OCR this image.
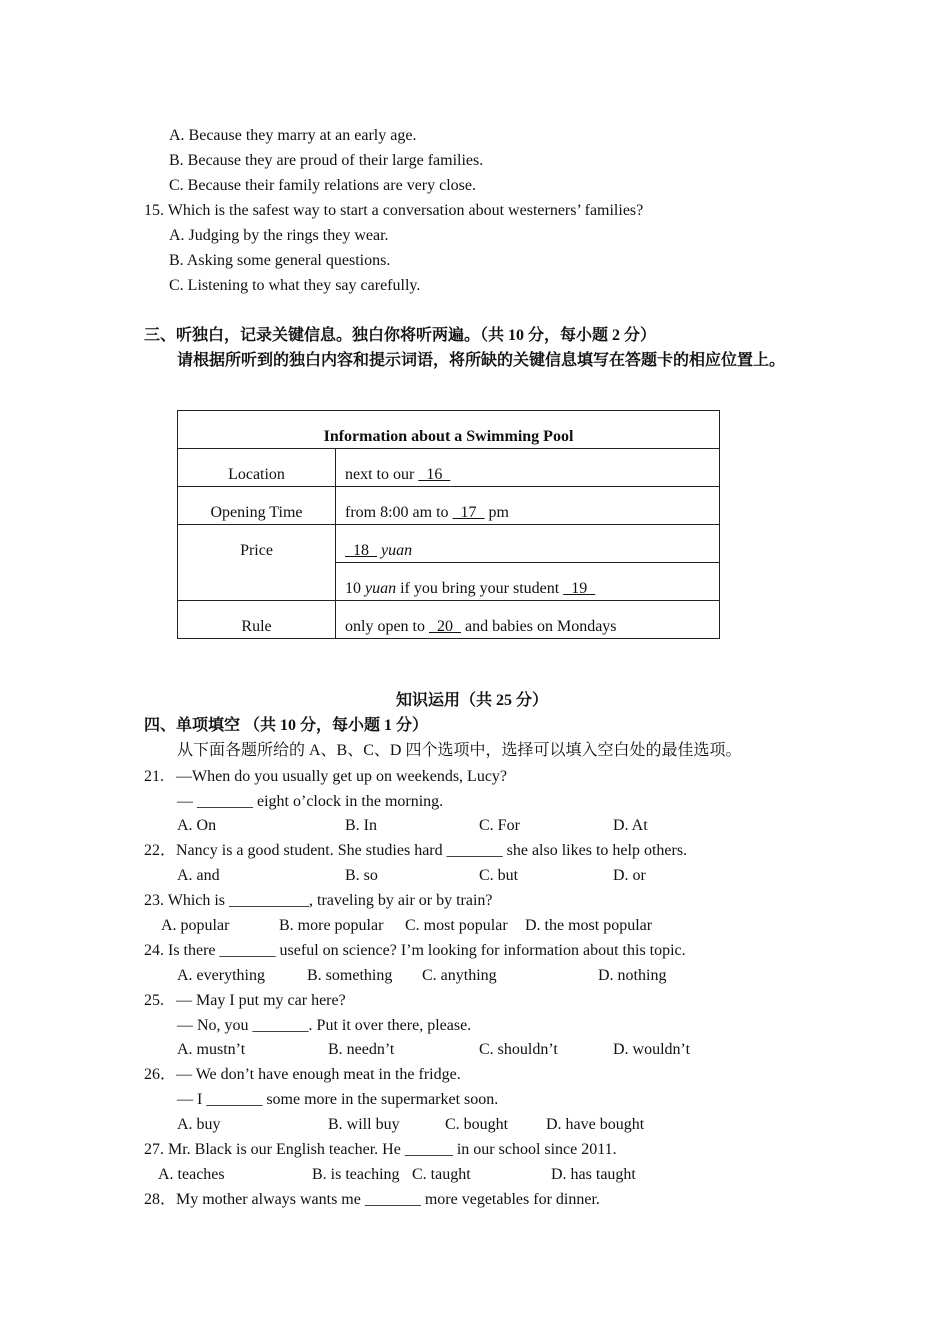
A. Because they marry at an early age.
B. Because they are proud of their large families.
C. Because their family relations are very close.
15. Which is the safest way to start a conversation about westerners’ families?
A. Judging by the rings they wear.
B. Asking some general questions.
C. Listening to what they say carefully.
三、听独白，记录关键信息。独白你将听两遍。（共 10 分，每小题 2 分）
请根据所听到的独白内容和提示词语，将所缺的关键信息填写在答题卡的相应位置上。
Information about a Swimming Pool
Location	next to our   16
Opening Time	from 8:00 am to   17   pm
Price	18   yuan
10 yuan if you bring your student   19
Rule	only open to   20   and babies on Mondays
知识运用（共 25 分）
四、单项填空 （共 10 分，每小题 1 分）
从下面各题所给的 A、B、C、D 四个选项中，选择可以填入空白处的最佳选项。
21.   —When do you usually get up on weekends, Lucy?
— _______ eight o’clock in the morning.
A. On	B. In	C. For	D. At
22．Nancy is a good student. She studies hard _______ she also likes to help others.
A. and	B. so	C. but	D. or
23. Which is __________, traveling by air or by train?
A. popular	B. more popular C. most popular D. the most popular
24. Is there _______ useful on science? I’m looking for information about this topic.
A. everything	B. something C. anything	D. nothing
25.   — May I put my car here?
— No, you _______. Put it over there, please.
A. mustn’t	B. needn’t	C. shouldn’t	D. wouldn’t
26．— We don’t have enough meat in the fridge.
— I _______ some more in the supermarket soon.
A. buy	B. will buy	C. bought D. have bought
27. Mr. Black is our English teacher. He ______ in our school since 2011.
A. teaches	B. is teaching C. taught	D. has taught
28．My mother always wants me _______ more vegetables for dinner.
